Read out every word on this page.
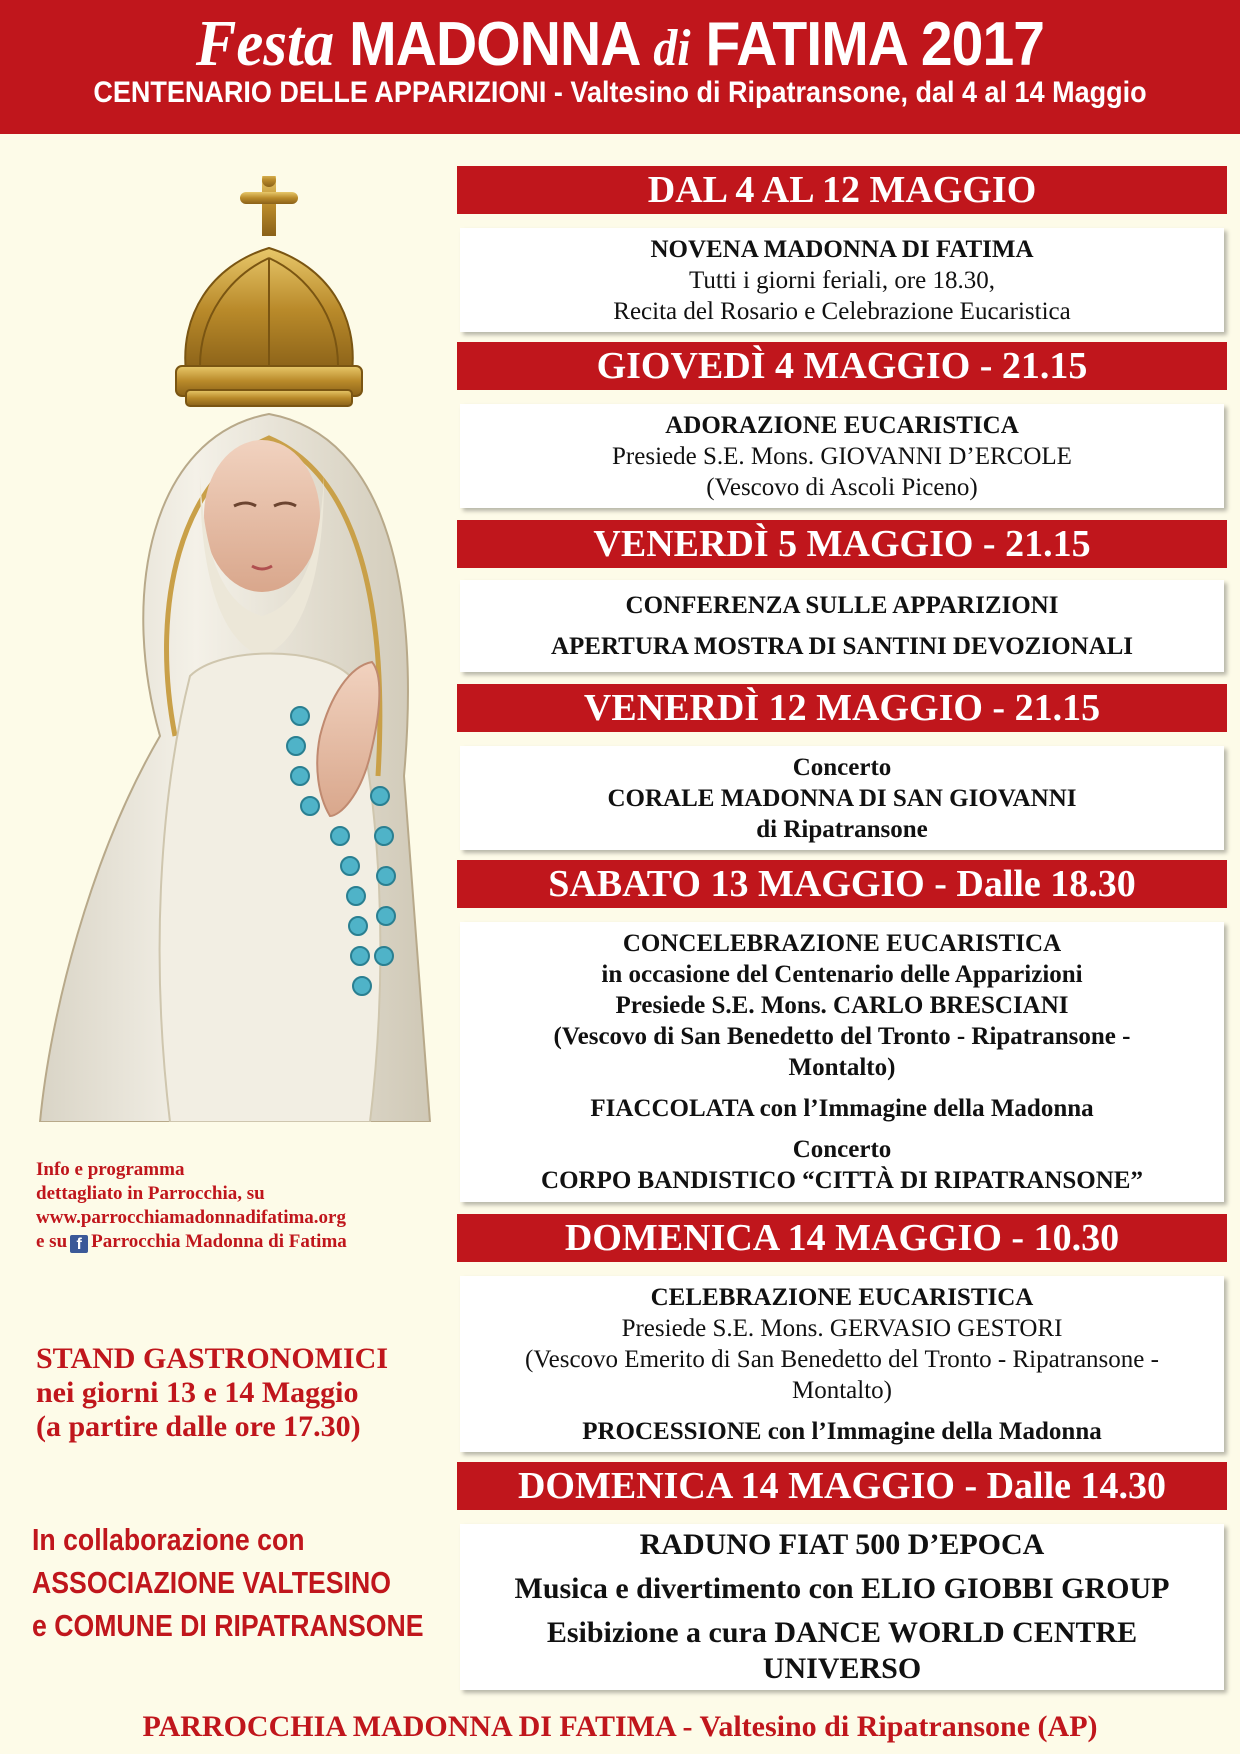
Festa MADONNA di FATIMA 2017
CENTENARIO DELLE APPARIZIONI - Valtesino di Ripatransone, dal 4 al 14 Maggio
Info e programma
dettagliato in Parrocchia, su
www.parrocchiamadonnadifatima.org
e su f Parrocchia Madonna di Fatima
STAND GASTRONOMICI
nei giorni 13 e 14 Maggio
(a partire dalle ore 17.30)
In collaborazione con
ASSOCIAZIONE VALTESINO
e COMUNE DI RIPATRANSONE
DAL 4 AL 12 MAGGIO
NOVENA MADONNA DI FATIMA
Tutti i giorni feriali, ore 18.30,
Recita del Rosario e Celebrazione Eucaristica
GIOVEDÌ 4 MAGGIO - 21.15
ADORAZIONE EUCARISTICA
Presiede S.E. Mons. GIOVANNI D’ERCOLE
(Vescovo di Ascoli Piceno)
VENERDÌ 5 MAGGIO - 21.15
CONFERENZA SULLE APPARIZIONI
APERTURA MOSTRA DI SANTINI DEVOZIONALI
VENERDÌ 12 MAGGIO - 21.15
Concerto
CORALE MADONNA DI SAN GIOVANNI
di Ripatransone
SABATO 13 MAGGIO - Dalle 18.30
CONCELEBRAZIONE EUCARISTICA
in occasione del Centenario delle Apparizioni
Presiede S.E. Mons. CARLO BRESCIANI
(Vescovo di San Benedetto del Tronto - Ripatransone -
Montalto)
FIACCOLATA con l’Immagine della Madonna
Concerto
CORPO BANDISTICO “CITTÀ DI RIPATRANSONE”
DOMENICA 14 MAGGIO - 10.30
CELEBRAZIONE EUCARISTICA
Presiede S.E. Mons. GERVASIO GESTORI
(Vescovo Emerito di San Benedetto del Tronto - Ripatransone -
Montalto)
PROCESSIONE con l’Immagine della Madonna
DOMENICA 14 MAGGIO - Dalle 14.30
RADUNO FIAT 500 D’EPOCA
Musica e divertimento con ELIO GIOBBI GROUP
Esibizione a cura DANCE WORLD CENTRE
UNIVERSO
PARROCCHIA MADONNA DI FATIMA - Valtesino di Ripatransone (AP)
